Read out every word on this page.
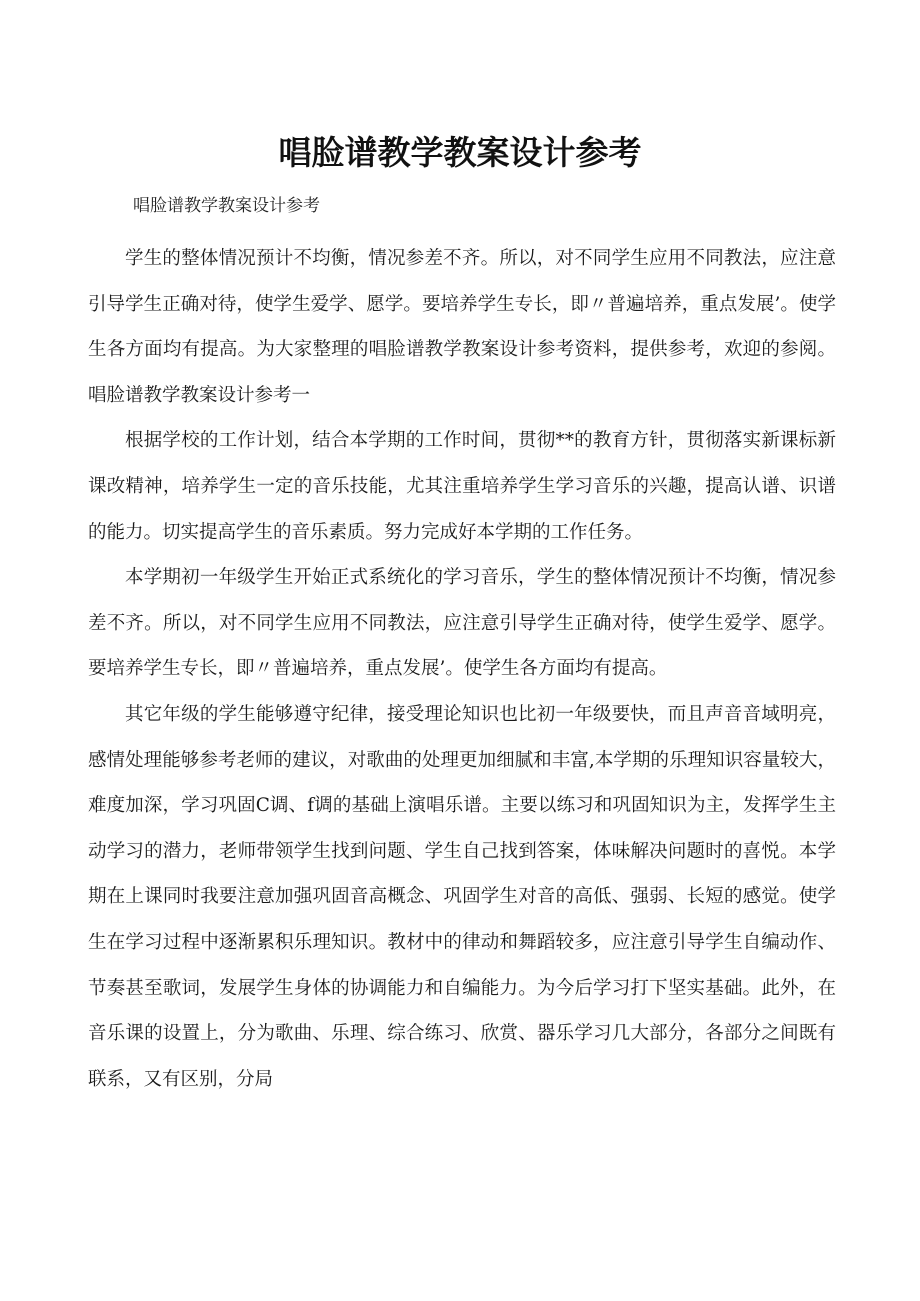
唱脸谱教学教案设计参考
唱脸谱教学教案设计参考

学生的整体情况预计不均衡，情况参差不齐。所以，对不同学生应用不同教法，应注意引导学生正确对待，使学生爱学、愿学。要培养学生专长，即〃普遍培养，重点发展’。使学生各方面均有提高。为大家整理的唱脸谱教学教案设计参考资料，提供参考，欢迎的参阅。唱脸谱教学教案设计参考一

根据学校的工作计划，结合本学期的工作时间，贯彻**的教育方针，贯彻落实新课标新课改精神，培养学生一定的音乐技能，尤其注重培养学生学习音乐的兴趣，提高认谱、识谱的能力。切实提高学生的音乐素质。努力完成好本学期的工作任务。

本学期初一年级学生开始正式系统化的学习音乐，学生的整体情况预计不均衡，情况参差不齐。所以，对不同学生应用不同教法，应注意引导学生正确对待，使学生爱学、愿学。要培养学生专长，即〃普遍培养，重点发展’。使学生各方面均有提高。

其它年级的学生能够遵守纪律，接受理论知识也比初一年级要快，而且声音音域明亮，感情处理能够参考老师的建议，对歌曲的处理更加细腻和丰富,本学期的乐理知识容量较大，难度加深，学习巩固C调、f调的基础上演唱乐谱。主要以练习和巩固知识为主，发挥学生主动学习的潜力，老师带领学生找到问题、学生自己找到答案，体味解决问题时的喜悦。本学期在上课同时我要注意加强巩固音高概念、巩固学生对音的高低、强弱、长短的感觉。使学生在学习过程中逐渐累积乐理知识。教材中的律动和舞蹈较多，应注意引导学生自编动作、节奏甚至歌词，发展学生身体的协调能力和自编能力。为今后学习打下坚实基础。此外，在音乐课的设置上，分为歌曲、乐理、综合练习、欣赏、器乐学习几大部分，各部分之间既有联系，又有区别，分局
